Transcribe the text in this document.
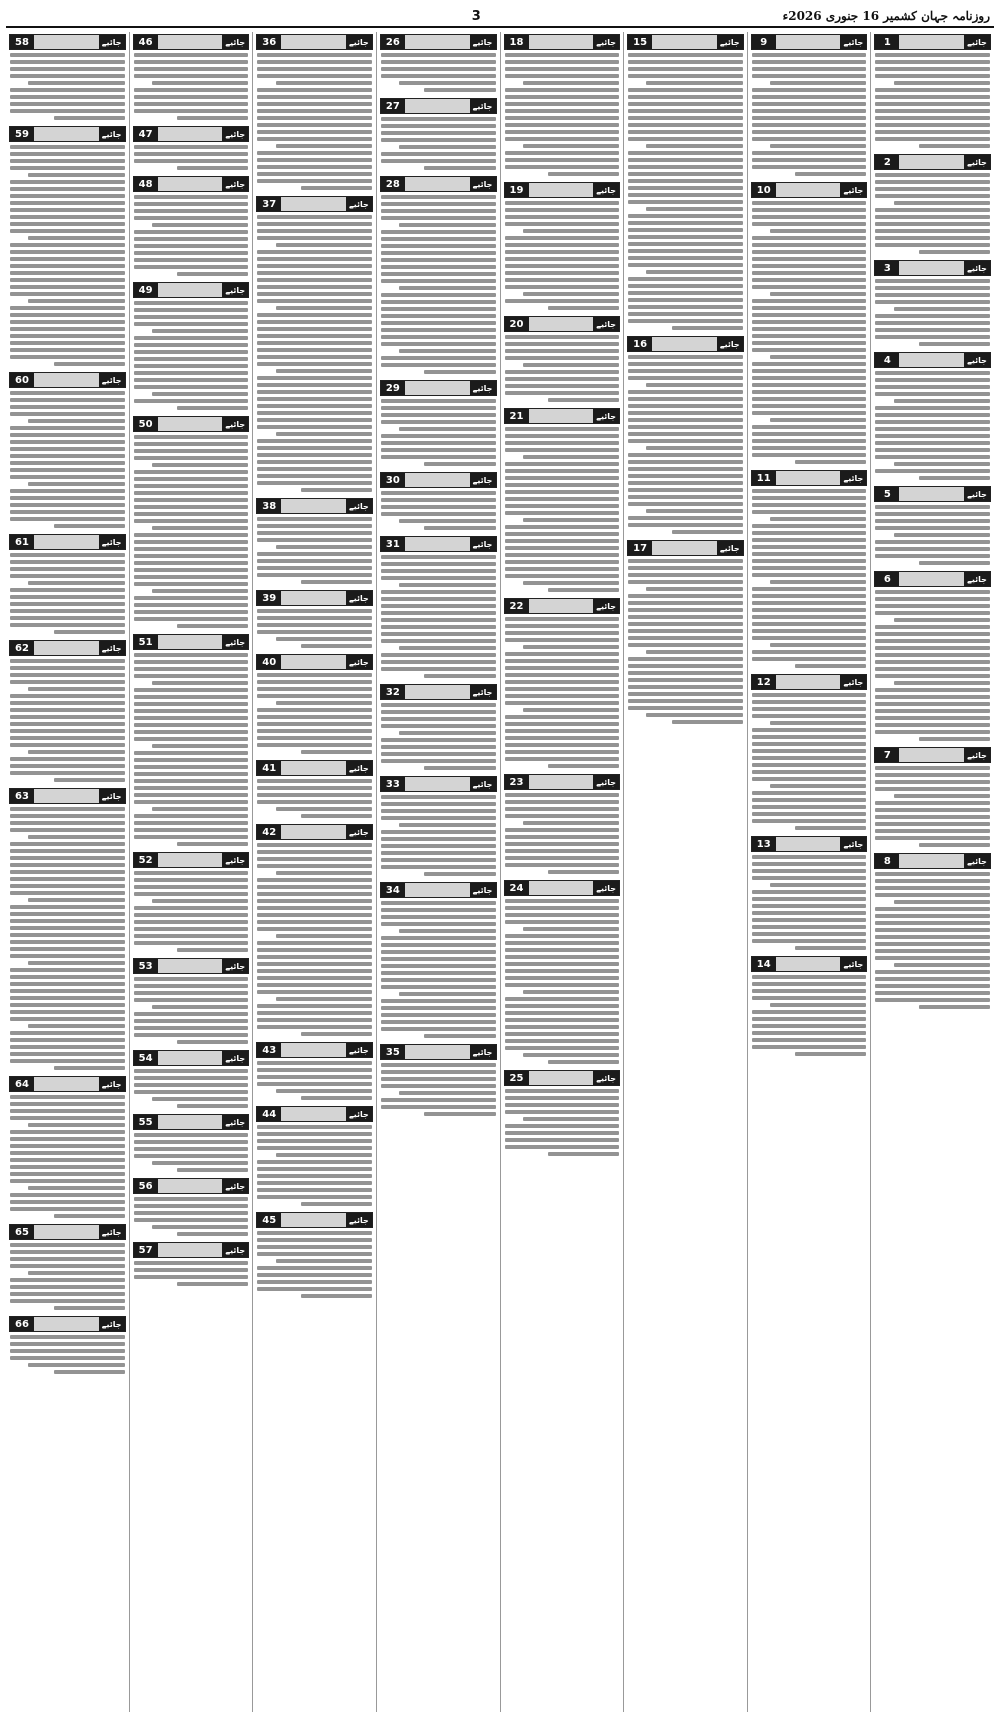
روزنامہ جہان کشمیر 16 جنوری 2026ء
3
1	جائیے
2	جائیے
3	جائیے
4	جائیے
5	جائیے
6	جائیے
7	جائیے
8	جائیے
9	جائیے
10	جائیے
11	جائیے
12	جائیے
13	جائیے
14	جائیے
15	جائیے
16	جائیے
17	جائیے
18	جائیے
19	جائیے
20	جائیے
21	جائیے
22	جائیے
23	جائیے
24	جائیے
25	جائیے
26	جائیے
27	جائیے
28	جائیے
29	جائیے
30	جائیے
31	جائیے
32	جائیے
33	جائیے
34	جائیے
35	جائیے
36	جائیے
37	جائیے
38	جائیے
39	جائیے
40	جائیے
41	جائیے
42	جائیے
43	جائیے
44	جائیے
45	جائیے
46	جائیے
47	جائیے
48	جائیے
49	جائیے
50	جائیے
51	جائیے
52	جائیے
53	جائیے
54	جائیے
55	جائیے
56	جائیے
57	جائیے
58	جائیے
59	جائیے
60	جائیے
61	جائیے
62	جائیے
63	جائیے
64	جائیے
65	جائیے
66	جائیے
